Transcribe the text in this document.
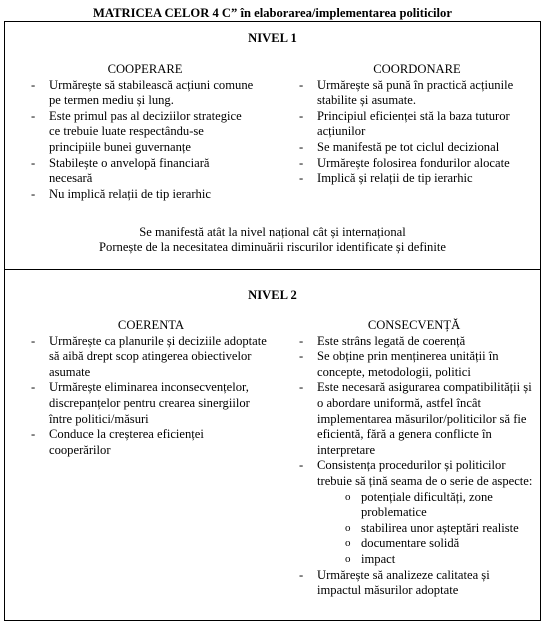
MATRICEA CELOR 4 C” în elaborarea/implementarea politicilor
NIVEL 1

COOPERARE

- Urmărește să stabilească acțiuni comune pe termen mediu și lung.
- Este primul pas al deciziilor strategice ce trebuie luate respectându-se principiile bunei guvernanțe
- Stabilește o anvelopă financiară necesară
- Nu implică relații de tip ierarhic

COORDONARE

- Urmărește să pună în practică acțiunile stabilite și asumate.
- Principiul eficienței stă la baza tuturor acțiunilor
- Se manifestă pe tot ciclul decizional
- Urmărește folosirea fondurilor alocate
- Implică și relații de tip ierarhic
Se manifestă atât la nivel național cât și internațional
Pornește de la necesitatea diminuării riscurilor identificate și definite
NIVEL 2

COERENTA

- Urmărește ca planurile și deciziile adoptate să aibă drept scop atingerea obiectivelor asumate
- Urmărește eliminarea inconsecvențelor, discrepanțelor pentru crearea sinergiilor între politici/măsuri
- Conduce la creșterea eficienței cooperărilor

CONSECVENȚĂ

- Este strâns legată de coerență
- Se obține prin menținerea unității în concepte, metodologii, politici
- Este necesară asigurarea compatibilității și o abordare uniformă, astfel încât implementarea măsurilor/politicilor să fie eficientă, fără a genera conflicte în interpretare
- Consistența procedurilor și politicilor trebuie să țină seama de o serie de aspecte:
o potențiale dificultăți, zone problematice
o stabilirea unor așteptări realiste
o documentare solidă
o impact
- Urmărește să analizeze calitatea și impactul măsurilor adoptate
